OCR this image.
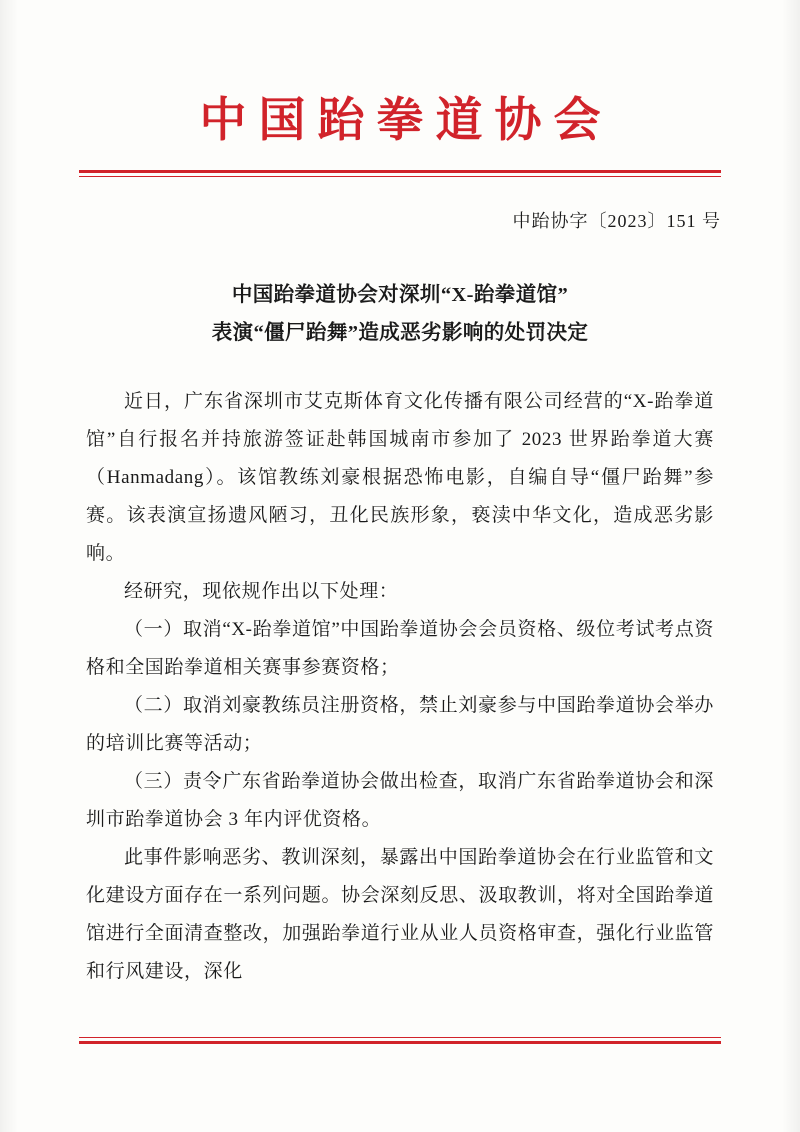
中国跆拳道协会
中跆协字〔2023〕151 号
中国跆拳道协会对深圳“X-跆拳道馆”
表演“僵尸跆舞”造成恶劣影响的处罚决定

近日，广东省深圳市艾克斯体育文化传播有限公司经营的“X-跆拳道馆”自行报名并持旅游签证赴韩国城南市参加了 2023 世界跆拳道大赛（Hanmadang）。该馆教练刘豪根据恐怖电影，自编自导“僵尸跆舞”参赛。该表演宣扬遗风陋习，丑化民族形象，亵渎中华文化，造成恶劣影响。

经研究，现依规作出以下处理：

（一）取消“X-跆拳道馆”中国跆拳道协会会员资格、级位考试考点资格和全国跆拳道相关赛事参赛资格；

（二）取消刘豪教练员注册资格，禁止刘豪参与中国跆拳道协会举办的培训比赛等活动；

（三）责令广东省跆拳道协会做出检查，取消广东省跆拳道协会和深圳市跆拳道协会 3 年内评优资格。

此事件影响恶劣、教训深刻，暴露出中国跆拳道协会在行业监管和文化建设方面存在一系列问题。协会深刻反思、汲取教训，将对全国跆拳道馆进行全面清查整改，加强跆拳道行业从业人员资格审查，强化行业监管和行风建设，深化
